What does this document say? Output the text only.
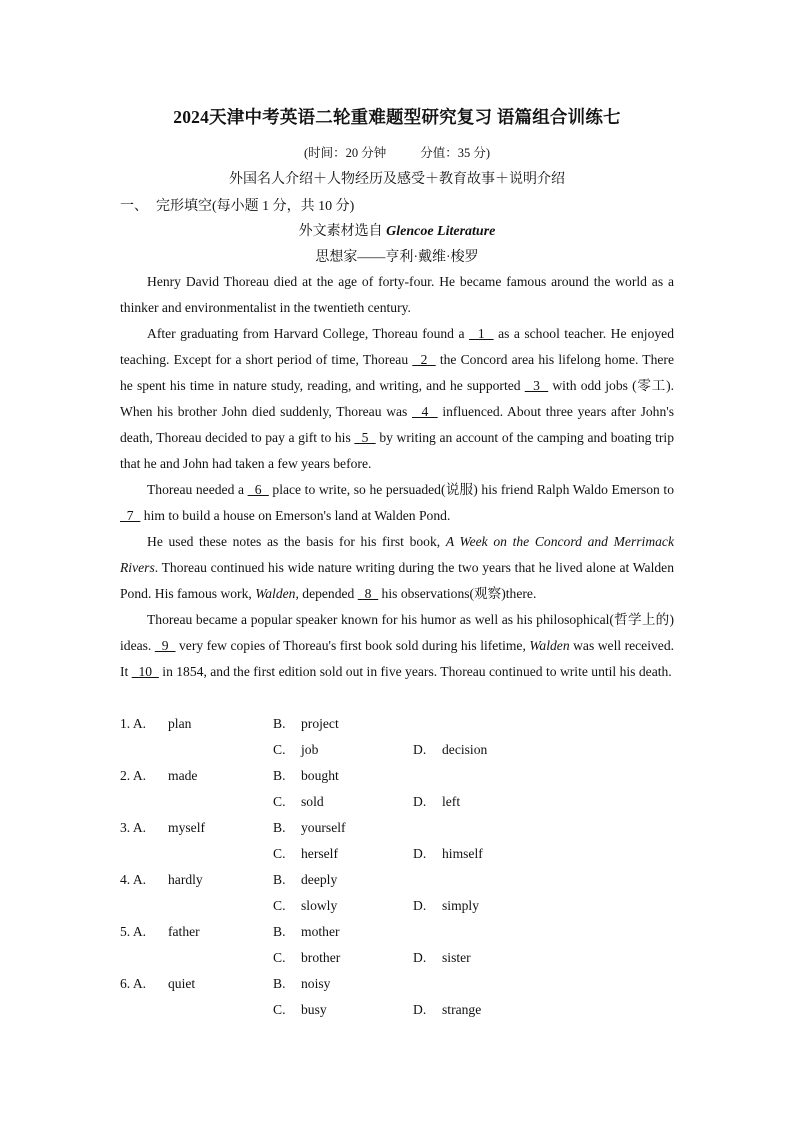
2024天津中考英语二轮重难题型研究复习 语篇组合训练七
(时间：20 分钟	分值：35 分)
外国名人介绍＋人物经历及感受＋教育故事＋说明介绍
一、 完形填空(每小题 1 分，共 10 分)
外文素材选自 Glencoe Literature
思想家——亨利·戴维·梭罗

Henry David Thoreau died at the age of forty-four. He became famous around the world as a thinker and environmentalist in the twentieth century.

After graduating from Harvard College, Thoreau found a   1   as a school teacher. He enjoyed teaching. Except for a short period of time, Thoreau   2   the Concord area his lifelong home. There he spent his time in nature study, reading, and writing, and he supported   3   with odd jobs (零工). When his brother John died suddenly, Thoreau was   4   influenced. About three years after John's death, Thoreau decided to pay a gift to his   5   by writing an account of the camping and boating trip that he and John had taken a few years before.

Thoreau needed a   6   place to write, so he persuaded(说服) his friend Ralph Waldo Emerson to   7   him to build a house on Emerson's land at Walden Pond.

He used these notes as the basis for his first book, A Week on the Concord and Merrimack Rivers. Thoreau continued his wide nature writing during the two years that he lived alone at Walden Pond. His famous work, Walden, depended   8   his observations(观察)there.

Thoreau became a popular speaker known for his humor as well as his philosophical(哲学上的) ideas.   9   very few copies of Thoreau's first book sold during his lifetime, Walden was well received. It   10   in 1854, and the first edition sold out in five years. Thoreau continued to write until his death.

1. A. plan	B. project
C. job	D. decision
2. A. made	B. bought
C. sold	D. left
3. A. myself	B. yourself
C. herself	D. himself
4. A. hardly	B. deeply
C. slowly	D. simply
5. A. father	B. mother
C. brother	D. sister
6. A. quiet	B. noisy
C. busy	D. strange
